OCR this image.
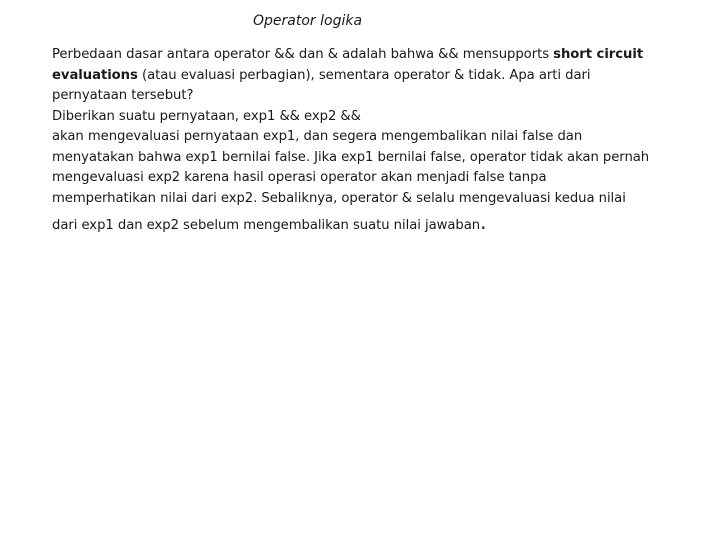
Operator logika
Perbedaan dasar antara operator && dan & adalah bahwa && mensupports short circuit
evaluations (atau evaluasi perbagian), sementara operator & tidak. Apa arti dari
pernyataan tersebut?
Diberikan suatu pernyataan, exp1 && exp2 &&
akan mengevaluasi pernyataan exp1, dan segera mengembalikan nilai false dan
menyatakan bahwa exp1 bernilai false. Jika exp1 bernilai false, operator tidak akan pernah
mengevaluasi exp2 karena hasil operasi operator akan menjadi false tanpa
memperhatikan nilai dari exp2. Sebaliknya, operator & selalu mengevaluasi kedua nilai
dari exp1 dan exp2 sebelum mengembalikan suatu nilai jawaban.
